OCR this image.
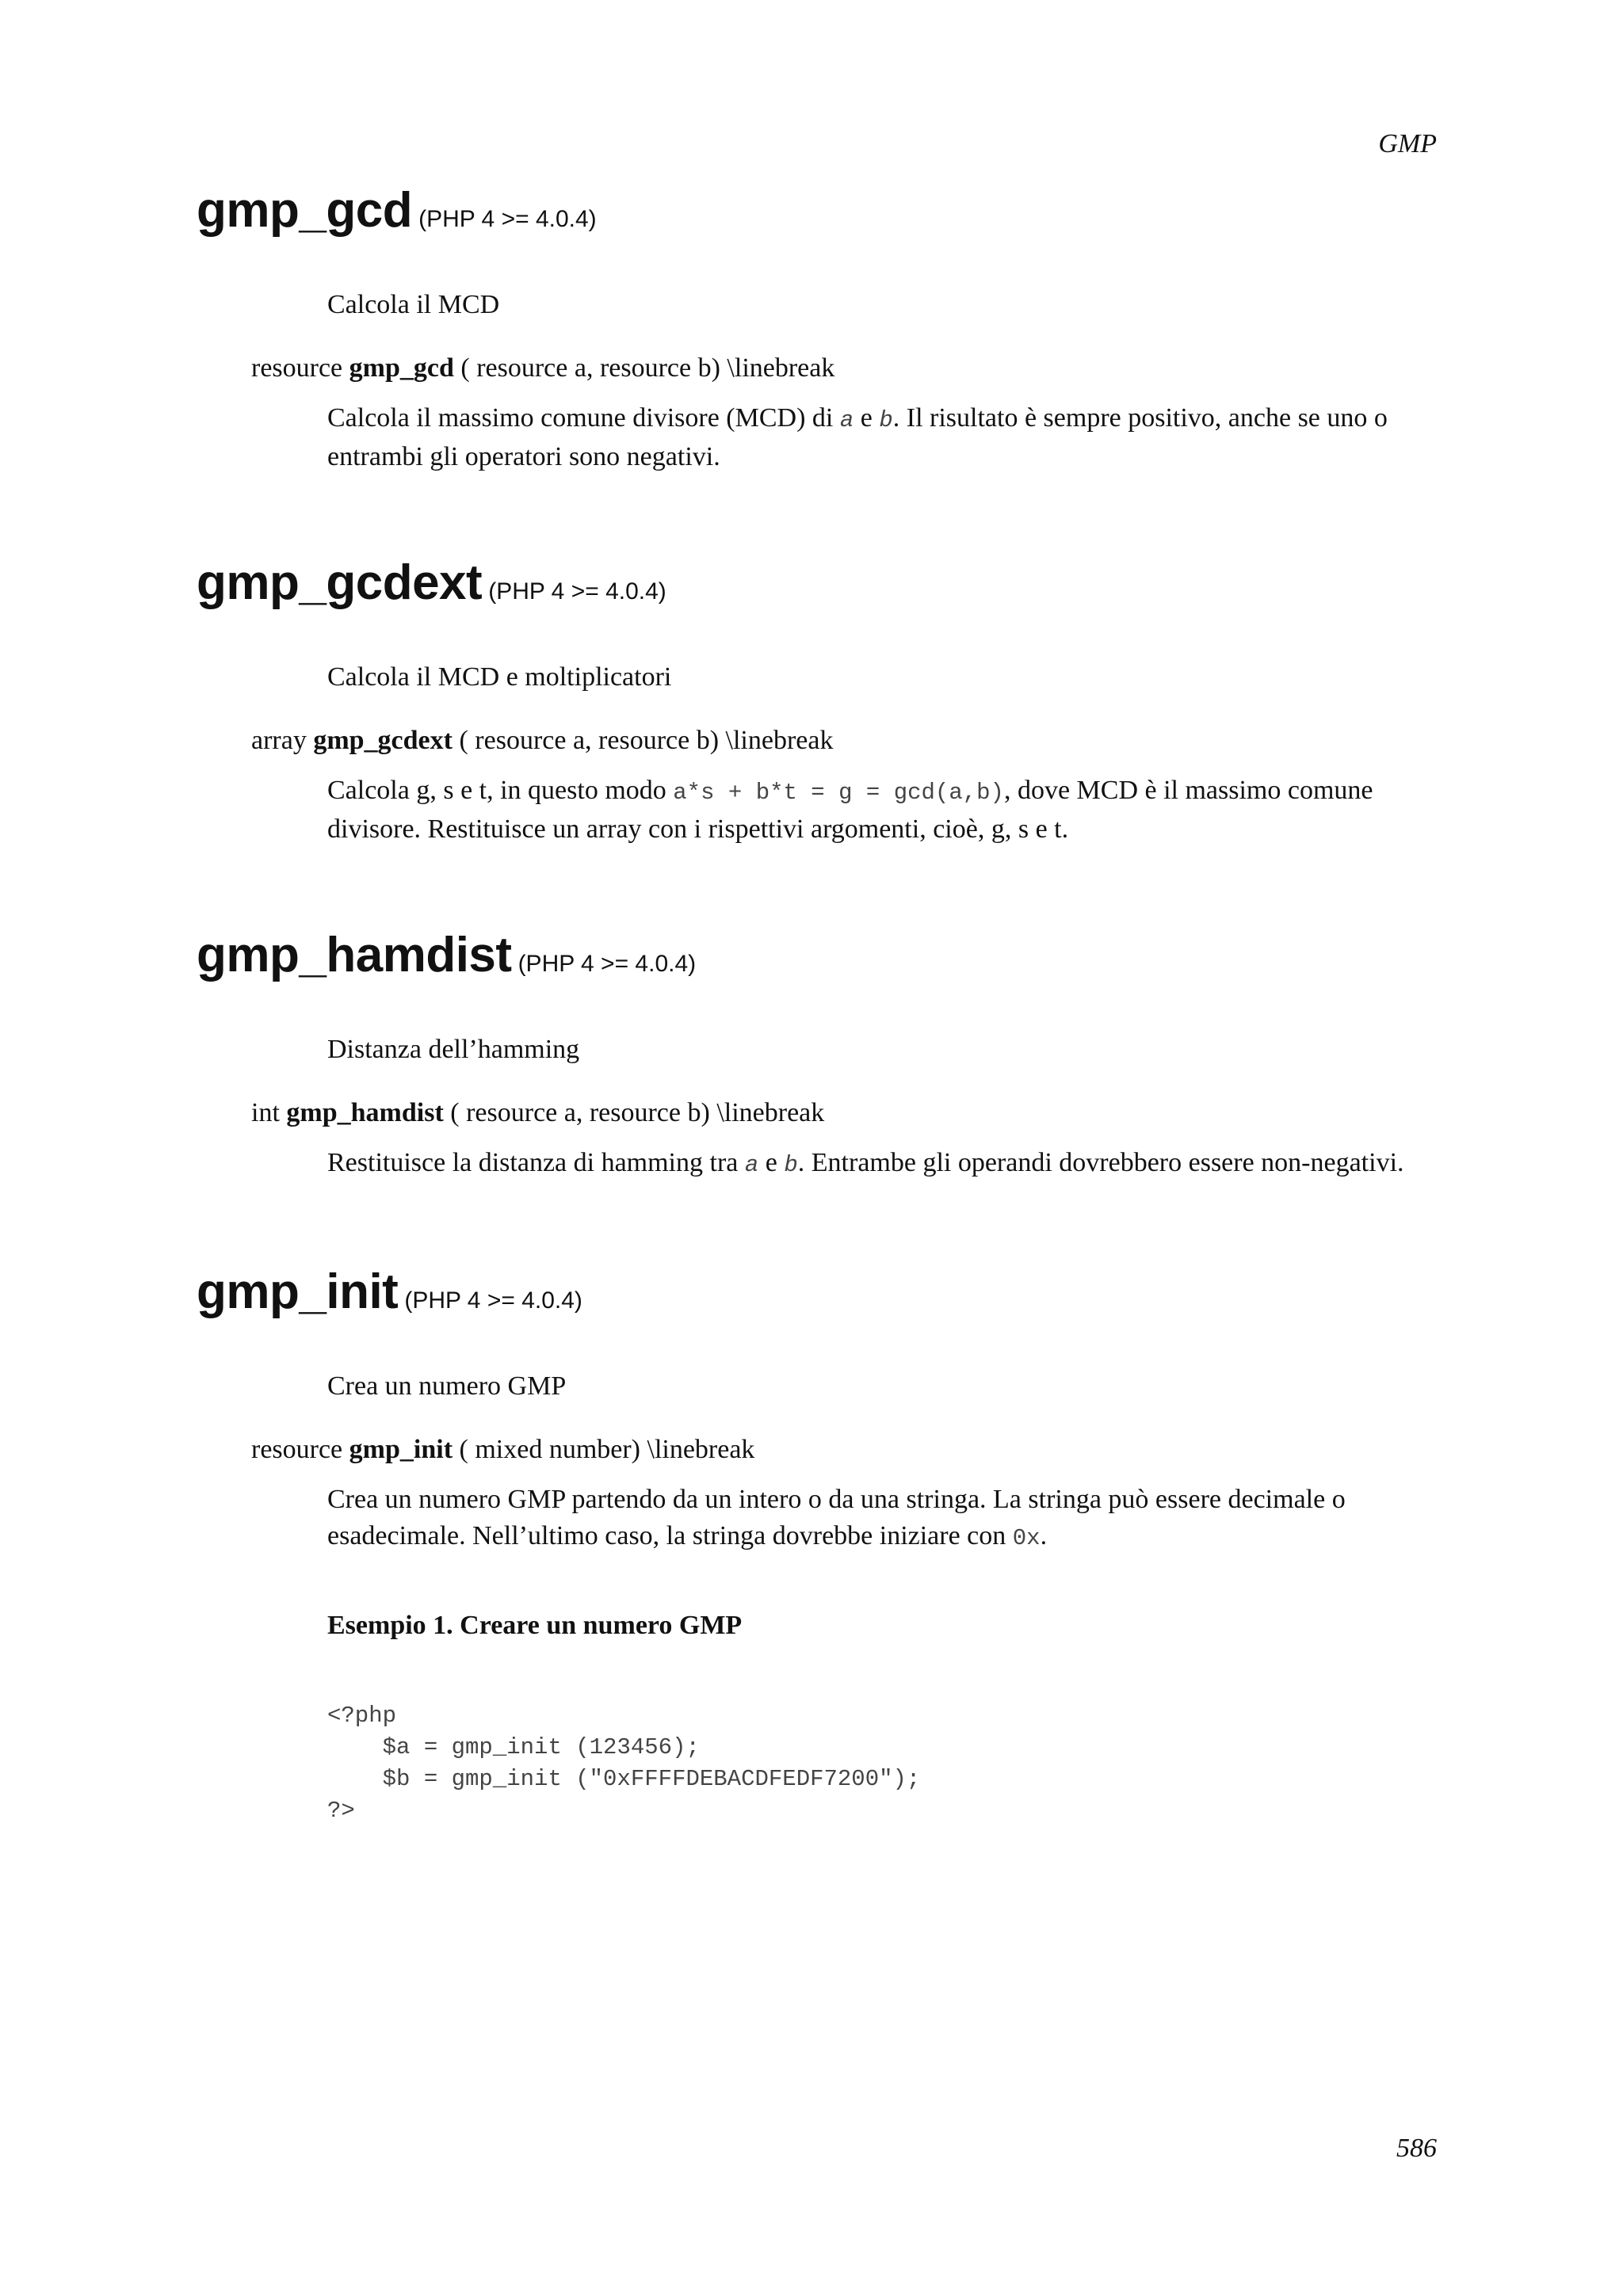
GMP
gmp_gcd (PHP 4 >= 4.0.4)
Calcola il MCD
resource gmp_gcd ( resource a, resource b) \linebreak
Calcola il massimo comune divisore (MCD) di a e b. Il risultato è sempre positivo, anche se uno o entrambi gli operatori sono negativi.
gmp_gcdext (PHP 4 >= 4.0.4)
Calcola il MCD e moltiplicatori
array gmp_gcdext ( resource a, resource b) \linebreak
Calcola g, s e t, in questo modo a*s + b*t = g = gcd(a,b), dove MCD è il massimo comune divisore. Restituisce un array con i rispettivi argomenti, cioè, g, s e t.
gmp_hamdist (PHP 4 >= 4.0.4)
Distanza dell’hamming
int gmp_hamdist ( resource a, resource b) \linebreak
Restituisce la distanza di hamming tra a e b. Entrambe gli operandi dovrebbero essere non-negativi.
gmp_init (PHP 4 >= 4.0.4)
Crea un numero GMP
resource gmp_init ( mixed number) \linebreak
Crea un numero GMP partendo da un intero o da una stringa. La stringa può essere decimale o esadecimale. Nell’ultimo caso, la stringa dovrebbe iniziare con 0x.
Esempio 1. Creare un numero GMP
<?php
$a = gmp_init (123456);
$b = gmp_init ("0xFFFFDEBACDFEDF7200");
?>
586
